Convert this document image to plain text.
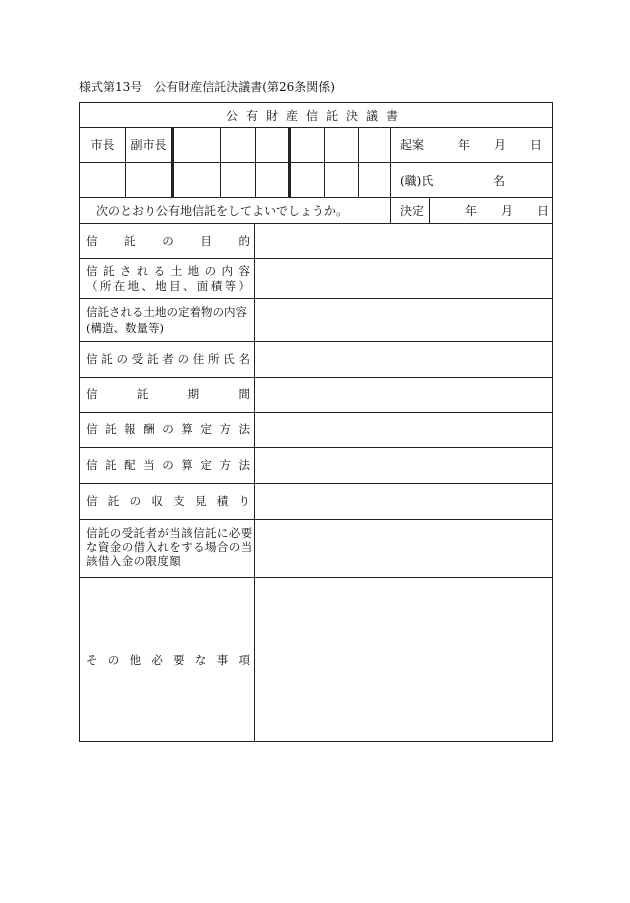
様式第13号　公有財産信託決議書(第26条関係)
公有財産信託決議書
市長	副市長	起案	年 月 日
(職)氏	名
次のとおり公有地信託をしてよいでしょうか。	決定	年 月 日
信 託 の 目 的
信 託 さ れ る 土 地 の 内 容
（ 所 在 地 、 地 目 、 面 積 等 ）
信託される土地の定着物の内容
(構造、数量等)
信 託 の 受 託 者 の 住 所 氏 名
信	託	期	間
信 託 報 酬 の 算 定 方 法
信 託 配 当 の 算 定 方 法
信 託 の 収 支 見 積 り
信託の受託者が当該信託に必要な資金の借入れをする場合の当該借入金の限度額
そ の 他 必 要 な 事 項
